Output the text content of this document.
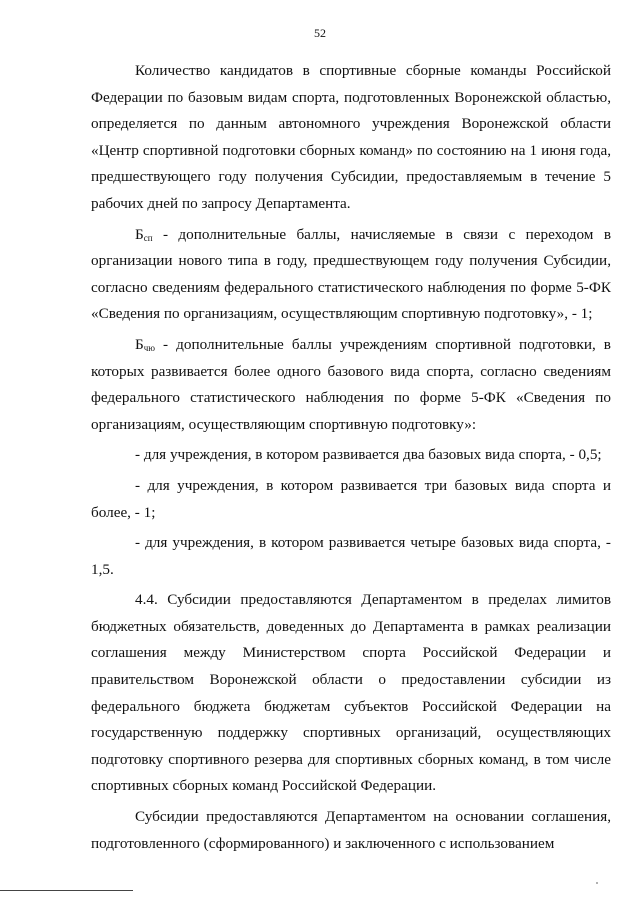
52

Количество кандидатов в спортивные сборные команды Российской Федерации по базовым видам спорта, подготовленных Воронежской областью, определяется по данным автономного учреждения Воронежской области «Центр спортивной подготовки сборных команд» по состоянию на 1 июня года, предшествующего году получения Субсидии, предоставляемым в течение 5 рабочих дней по запросу Департамента.

$Б_{сп}$ - дополнительные баллы, начисляемые в связи с переходом в организации нового типа в году, предшествующем году получения Субсидии, согласно сведениям федерального статистического наблюдения по форме 5-ФК «Сведения по организациям, осуществляющим спортивную подготовку», - 1;

$Б_{чю}$ - дополнительные баллы учреждениям спортивной подготовки, в которых развивается более одного базового вида спорта, согласно сведениям федерального статистического наблюдения по форме 5-ФК «Сведения по организациям, осуществляющим спортивную подготовку»:

- для учреждения, в котором развивается два базовых вида спорта, - 0,5;

- для учреждения, в котором развивается три базовых вида спорта и более, - 1;

- для учреждения, в котором развивается четыре базовых вида спорта, - 1,5.

4.4. Субсидии предоставляются Департаментом в пределах лимитов бюджетных обязательств, доведенных до Департамента в рамках реализации соглашения между Министерством спорта Российской Федерации и правительством Воронежской области о предоставлении субсидии из федерального бюджета бюджетам субъектов Российской Федерации на государственную поддержку спортивных организаций, осуществляющих подготовку спортивного резерва для спортивных сборных команд, в том числе спортивных сборных команд Российской Федерации.

Субсидии предоставляются Департаментом на основании соглашения, подготовленного (сформированного) и заключенного с использованием
